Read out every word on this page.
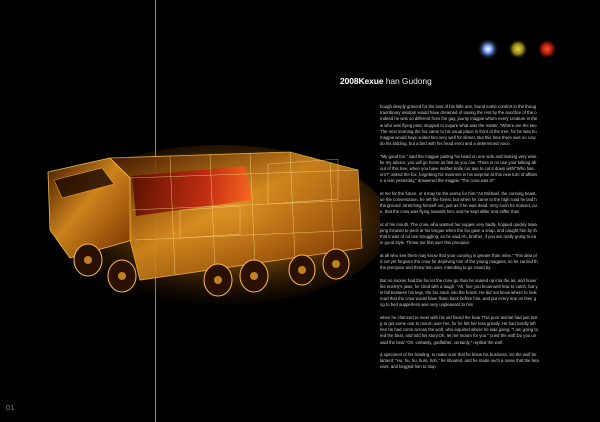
2008Kexue han Gudong
hough deeply grieved for the loss of his little one, found some comfort in the thoug
traordinary wisdom would have dreamed of saving the rest by the sacrifice of the o
Indeed he was so different from the gay, jaunty magpie whom every creature in the
w who was flying past, stopped to inquire what was the matter. "Where are the two
The next morning the fox came to his usual place in front of the tree, for he was hu
magpie would have suited him very well for dinner. But this time there was no cow
do his bidding, but a bird with his head erect and a determined voice.
"My good fox," said the magpie putting his head on one side and looking very wise.
ke my advice, you will go home as fast as you can. There is no use your talking ab
out of this tree, when you have neither knife nor axe to cut it down with!"Who has
om?" asked the fox, forgetting his manners in his surprise at this new turn of affairs
e a visit yesterday," answered the magpie."The crow was it!"
et me for the future, or it may be the worse for him."As Michael, the cunning beast,
ue the conversation, he left the forest; but when he came to the high road he laid h
the ground, stretching himself out, just as if he was dead. Very soon he noticed, ou
e, that the crow was flying towards him, and he kept stiller and stiffer than
ut of his mouth. The crow, who wanted her supper very badly, hopped quickly towa
ping forward to peck at his tongue when the fox gave a snap, and caught him by th
that it was of no use struggling, so he said,Ah, brother, if you are really going to ea
in good style. Throw me first over this precipice
at all who see them may know that your cunning is greater than mine." This idea pl
d not yet forgiven the crow for depriving him of the young magpies, so he carried th
the precipice and threw him over, intending to go round by
But no sooner had the fox let the crow go than he soared up into the air, and hover
his enemy's jaws, he cried with a laugh. "Ah, fox! you know well how to catch, but y
is fall between his legs, the fox stuck into the forest. He did not know where to look
read that the crow would have flown back before him, and put every one on their g
ng to bed supperless was very unpleasant to him
when he chanced to meet with his old friend the bear.This poor animal had just lost
g to get some one to mourn over her, for he felt her loss greatly. He had hardly left
hen he had come across the wolf, who inquired where he was going. "I am going to
red the bear, and told his story.Oh, let me mourn for you," cried the wolf.Do you un
said the bear."Oh, certainly, godfather, certainly," replied the wolf.
a specimen of his howling, to make sure that he knew his business. So the wolf be
lament: "Hu, hu, hu, hum, hoh," he shouted, and he made such a noise that the bea
ears, and begged him to stop
01
